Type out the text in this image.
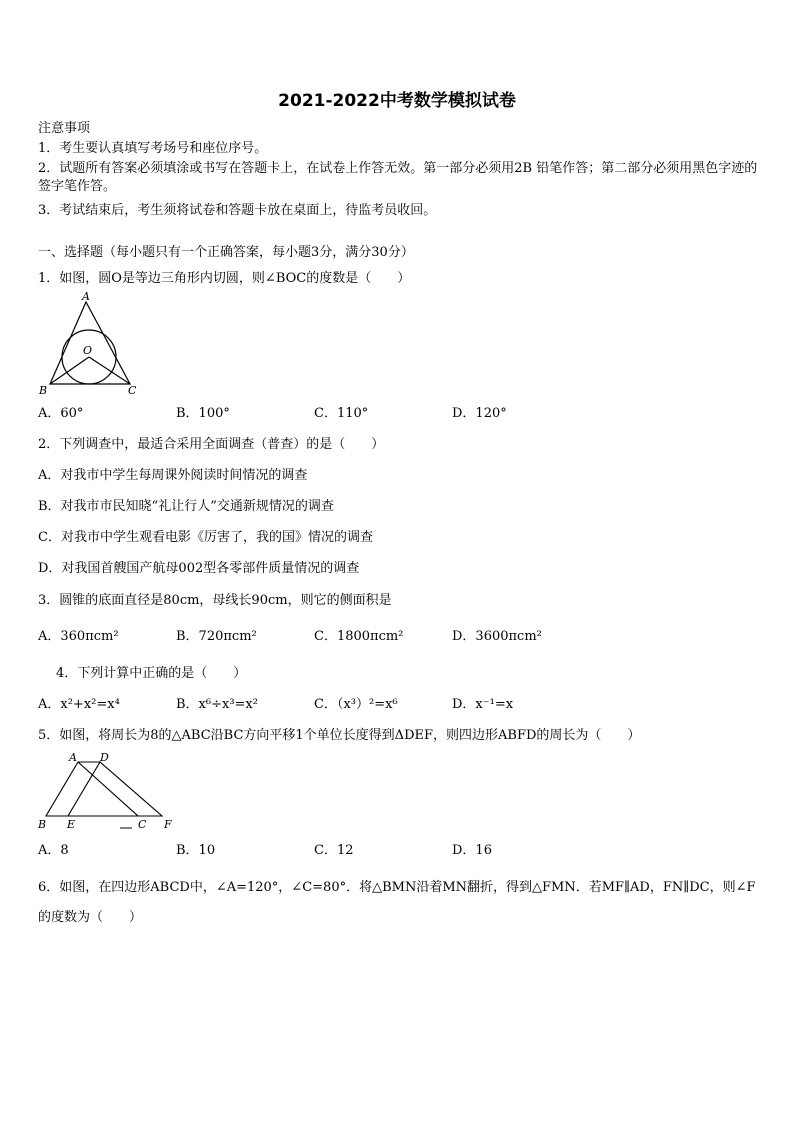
2021-2022中考数学模拟试卷
注意事项
1．考生要认真填写考场号和座位序号。
2．试题所有答案必须填涂或书写在答题卡上，在试卷上作答无效。第一部分必须用2B 铅笔作答；第二部分必须用黑色字迹的签字笔作答。
3．考试结束后，考生须将试卷和答题卡放在桌面上，待监考员收回。
一、选择题（每小题只有一个正确答案，每小题3分，满分30分）
1．如图，圆O是等边三角形内切圆，则∠BOC的度数是（　　）
A
O
B	C
A．60°	B．100°	C．110°	D．120°
2．下列调查中，最适合采用全面调查（普查）的是（　　）
A．对我市中学生每周课外阅读时间情况的调查
B．对我市市民知晓“礼让行人”交通新规情况的调查
C．对我市中学生观看电影《厉害了，我的国》情况的调查
D．对我国首艘国产航母002型各零部件质量情况的调查
3．圆锥的底面直径是80cm，母线长90cm，则它的侧面积是
A．360πcm²	B．720πcm²	C．1800πcm²	D．3600πcm²
4．下列计算中正确的是（　　）
A．x²+x²=x⁴	B．x⁶÷x³=x²	C．（x³）²=x⁶	D．x⁻¹=x
5．如图，将周长为8的△ABC沿BC方向平移1个单位长度得到ΔDEF，则四边形ABFD的周长为（　　）
A D
B E	C F
A．8	B．10	C．12	D．16
6．如图，在四边形ABCD中，∠A=120°，∠C=80°．将△BMN沿着MN翻折，得到△FMN．若MF∥AD，FN∥DC，则∠F的度数为（　　）
